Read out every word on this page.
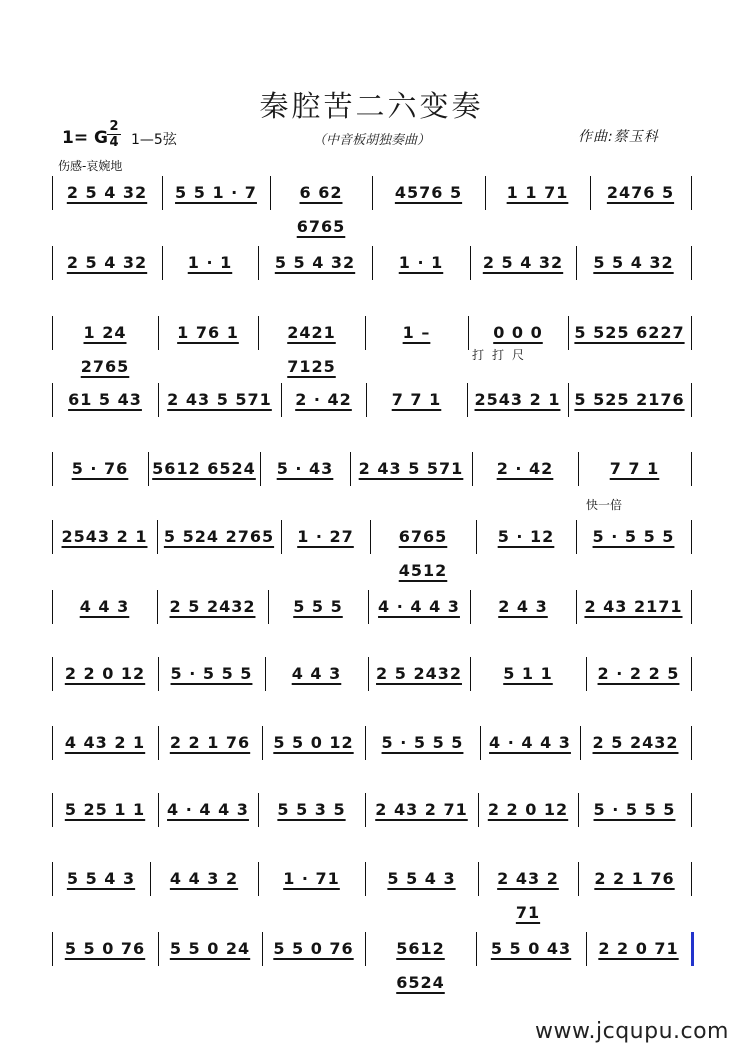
秦腔苦二六变奏
（中音板胡独奏曲）
1= G
2
4 1—5弦	作曲:蔡玉科
伤感-哀婉地
快一倍
2 5 4 32	5 5 1 · 7	6 62 6765
4576 5	1 1 71	2476 5
2 5 4 32	1 · 1	5 5 4 32	1 · 1	2 5 4 32	5 5 4 32
1 24 2765
1 76 1	2421 7125
1 –	0 0 0	5 525 6227
打打尺
61 5 43	2 43 5 571	2 · 42	7 7 1	2543 2 1 5 525 2176
5 · 76	5612 6524	5 · 43	2 43 5 571	2 · 42	7 7 1
2543 2 1	5 524 2765	1 · 27	6765 4512
5 · 12	5 · 5 5 5
4 4 3	2 5 2432	5 5 5	4 · 4 4 3	2 4 3	2 43 2171
2 2 0 12	5 · 5 5 5	4 4 3	2 5 2432	5 1 1	2 · 2 2 5
4 43 2 1	2 2 1 76	5 5 0 12	5 · 5 5 5	4 · 4 4 3	2 5 2432
5 25 1 1	4 · 4 4 3	5 5 3 5	2 43 2 71	2 2 0 12	5 · 5 5 5
5 5 4 3	4 4 3 2	1 · 71	5 5 4 3	2 43 2 71
2 2 1 76
5 5 0 76	5 5 0 24	5 5 0 76	5612 6524
5 5 0 43	2 2 0 71
www.jcqupu.com
